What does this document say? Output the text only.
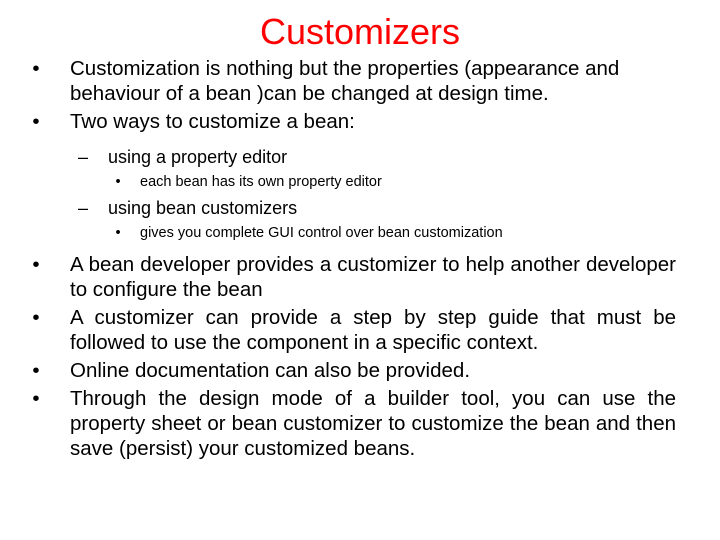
Customizers
•	Customization is nothing but the properties (appearance and behaviour of a bean )can be changed at design time.
•	Two ways to customize a bean:
–	using a property editor
•	each bean has its own property editor
–	using bean customizers
•	gives you complete GUI control over bean customization
•	A bean developer provides a customizer to help another developer to configure the bean
•	A customizer can provide a step by step guide that must be followed to use the component in a specific context.
•	Online documentation can also be provided.
•	Through the design mode of a builder tool, you can use the property sheet or bean customizer to customize the bean and then save (persist) your customized beans.
